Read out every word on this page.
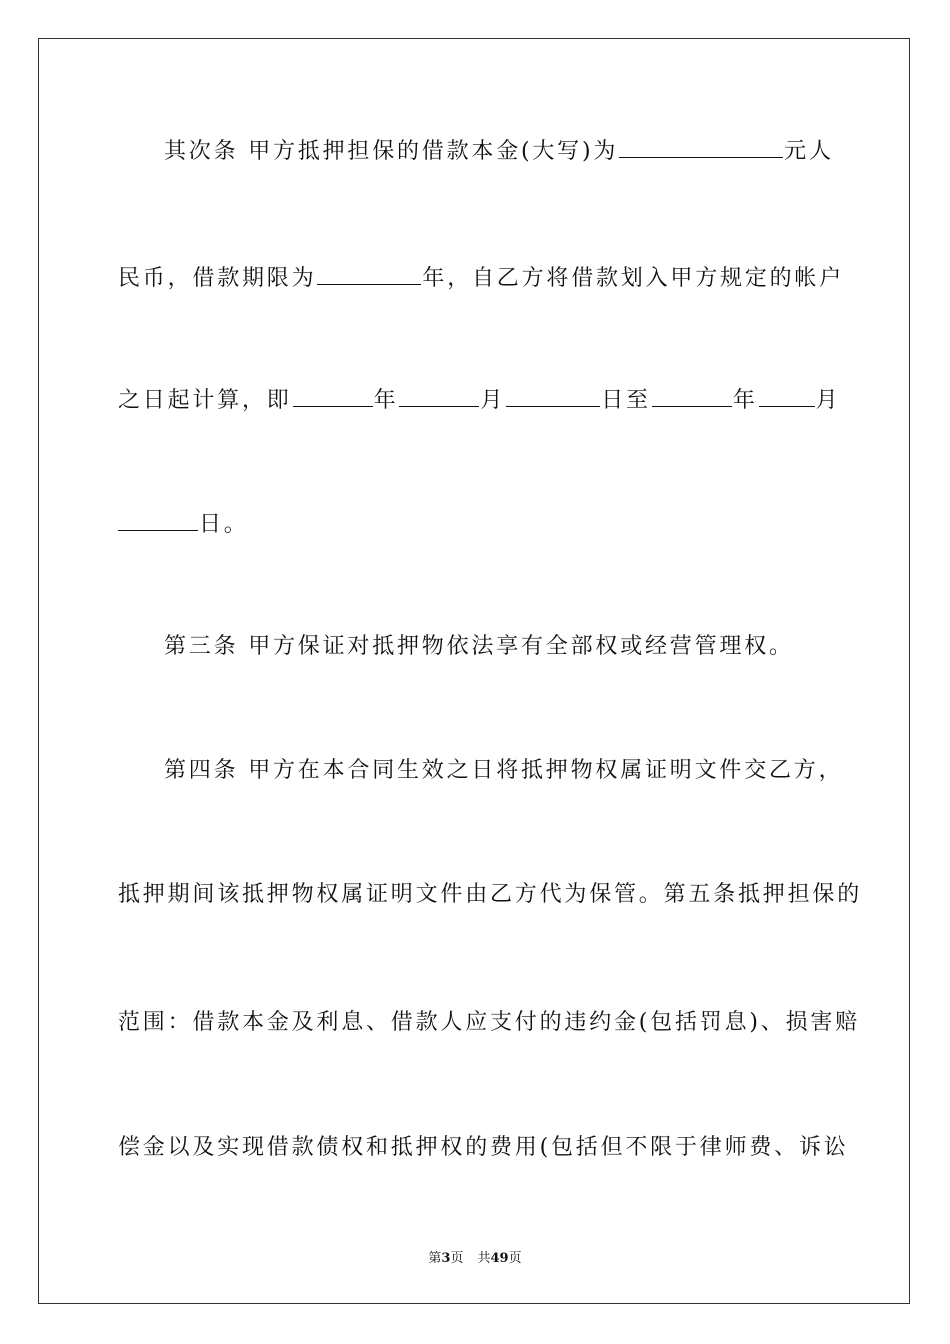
其次条 甲方抵押担保的借款本金(大写)为	元人
民币，借款期限为	年，自乙方将借款划入甲方规定的帐户
之日起计算，即	年	月	日至	年	月
日。
第三条 甲方保证对抵押物依法享有全部权或经营管理权。
第四条 甲方在本合同生效之日将抵押物权属证明文件交乙方，
抵押期间该抵押物权属证明文件由乙方代为保管。第五条抵押担保的
范围：借款本金及利息、借款人应支付的违约金(包括罚息)、损害赔
偿金以及实现借款债权和抵押权的费用(包括但不限于律师费、诉讼
第3页 共49页
